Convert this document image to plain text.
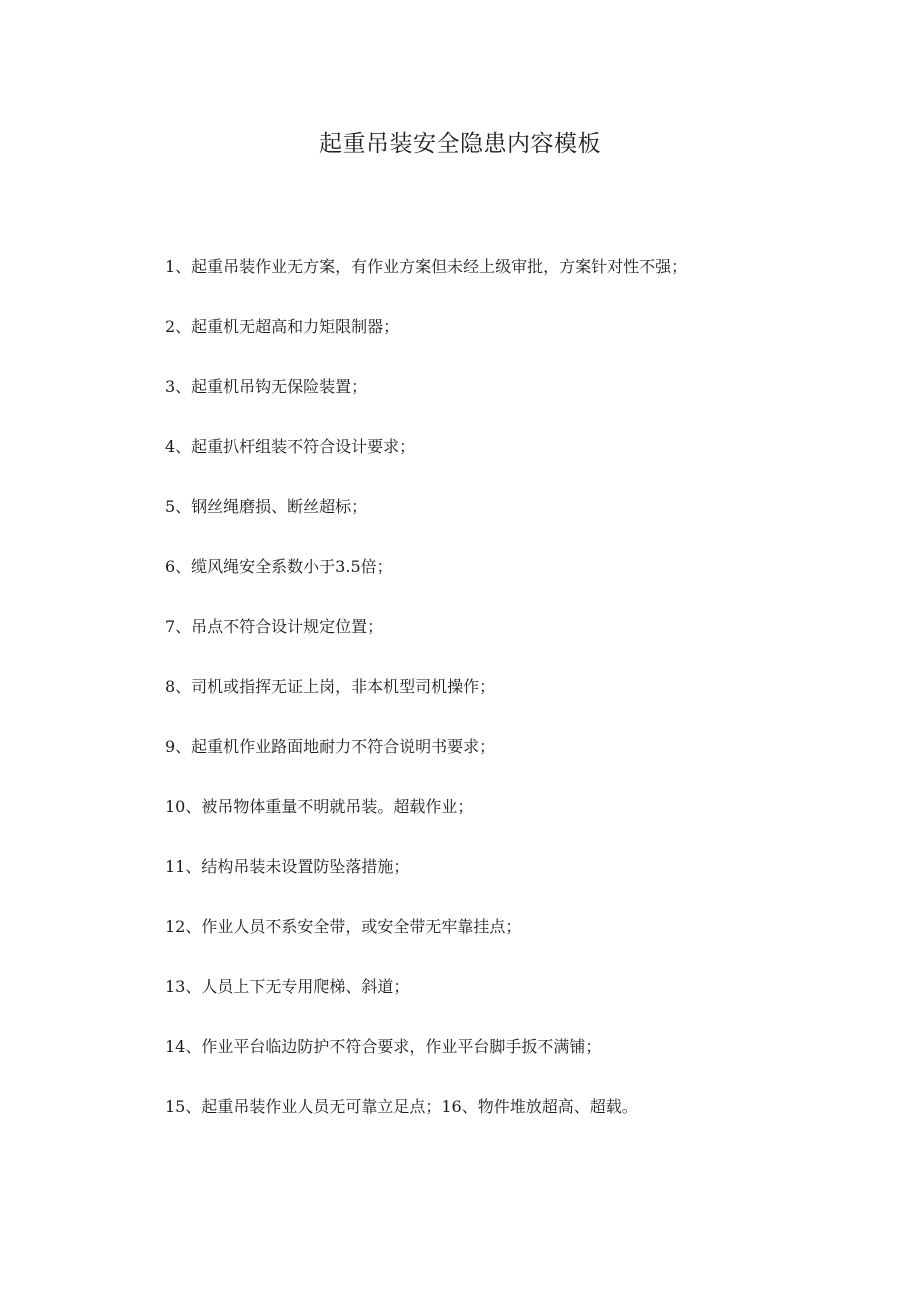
起重吊装安全隐患内容模板
1、起重吊装作业无方案，有作业方案但未经上级审批，方案针对性不强；
2、起重机无超高和力矩限制器；
3、起重机吊钩无保险装置；
4、起重扒杆组装不符合设计要求；
5、钢丝绳磨损、断丝超标；
6、缆风绳安全系数小于3.5倍；
7、吊点不符合设计规定位置；
8、司机或指挥无证上岗，非本机型司机操作；
9、起重机作业路面地耐力不符合说明书要求；
10、被吊物体重量不明就吊装。超载作业；
11、结构吊装未设置防坠落措施；
12、作业人员不系安全带，或安全带无牢靠挂点；
13、人员上下无专用爬梯、斜道；
14、作业平台临边防护不符合要求，作业平台脚手扳不满铺；
15、起重吊装作业人员无可靠立足点；16、物件堆放超高、超载。
